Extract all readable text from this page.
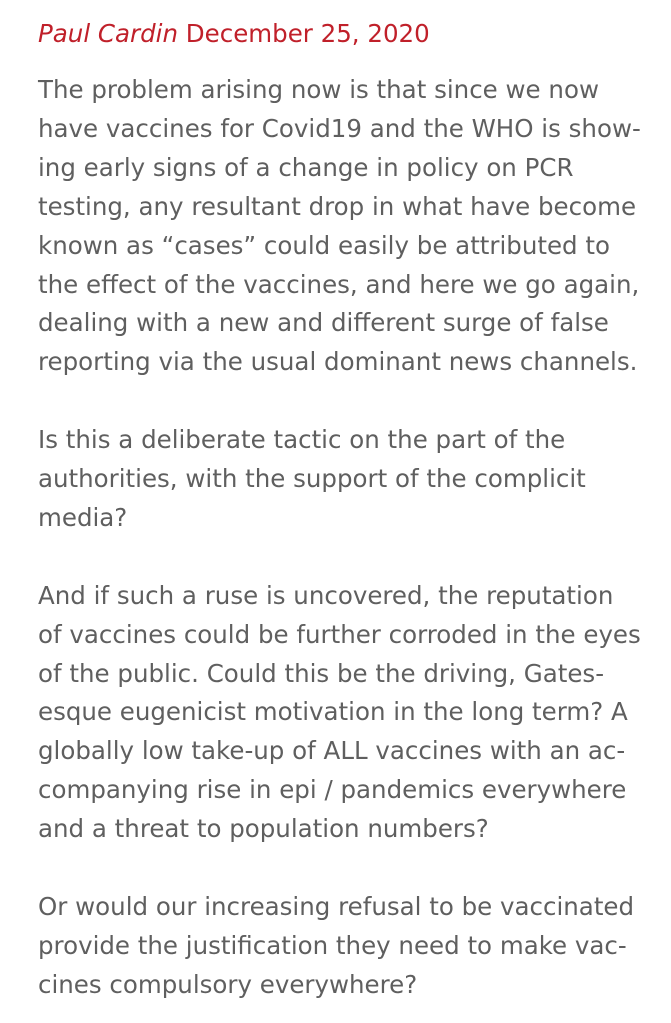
Paul Cardin December 25, 2020

The problem arising now is that since we now
have vaccines for Covid19 and the WHO is show-
ing early signs of a change in policy on PCR
testing, any resultant drop in what have become
known as “cases” could easily be attributed to
the effect of the vaccines, and here we go again,
dealing with a new and different surge of false
reporting via the usual dominant news channels.

Is this a deliberate tactic on the part of the
authorities, with the support of the complicit
media?

And if such a ruse is uncovered, the reputation
of vaccines could be further corroded in the eyes
of the public. Could this be the driving, Gates-
esque eugenicist motivation in the long term? A
globally low take-up of ALL vaccines with an ac-
companying rise in epi / pandemics everywhere
and a threat to population numbers?

Or would our increasing refusal to be vaccinated
provide the justification they need to make vac-
cines compulsory everywhere?
